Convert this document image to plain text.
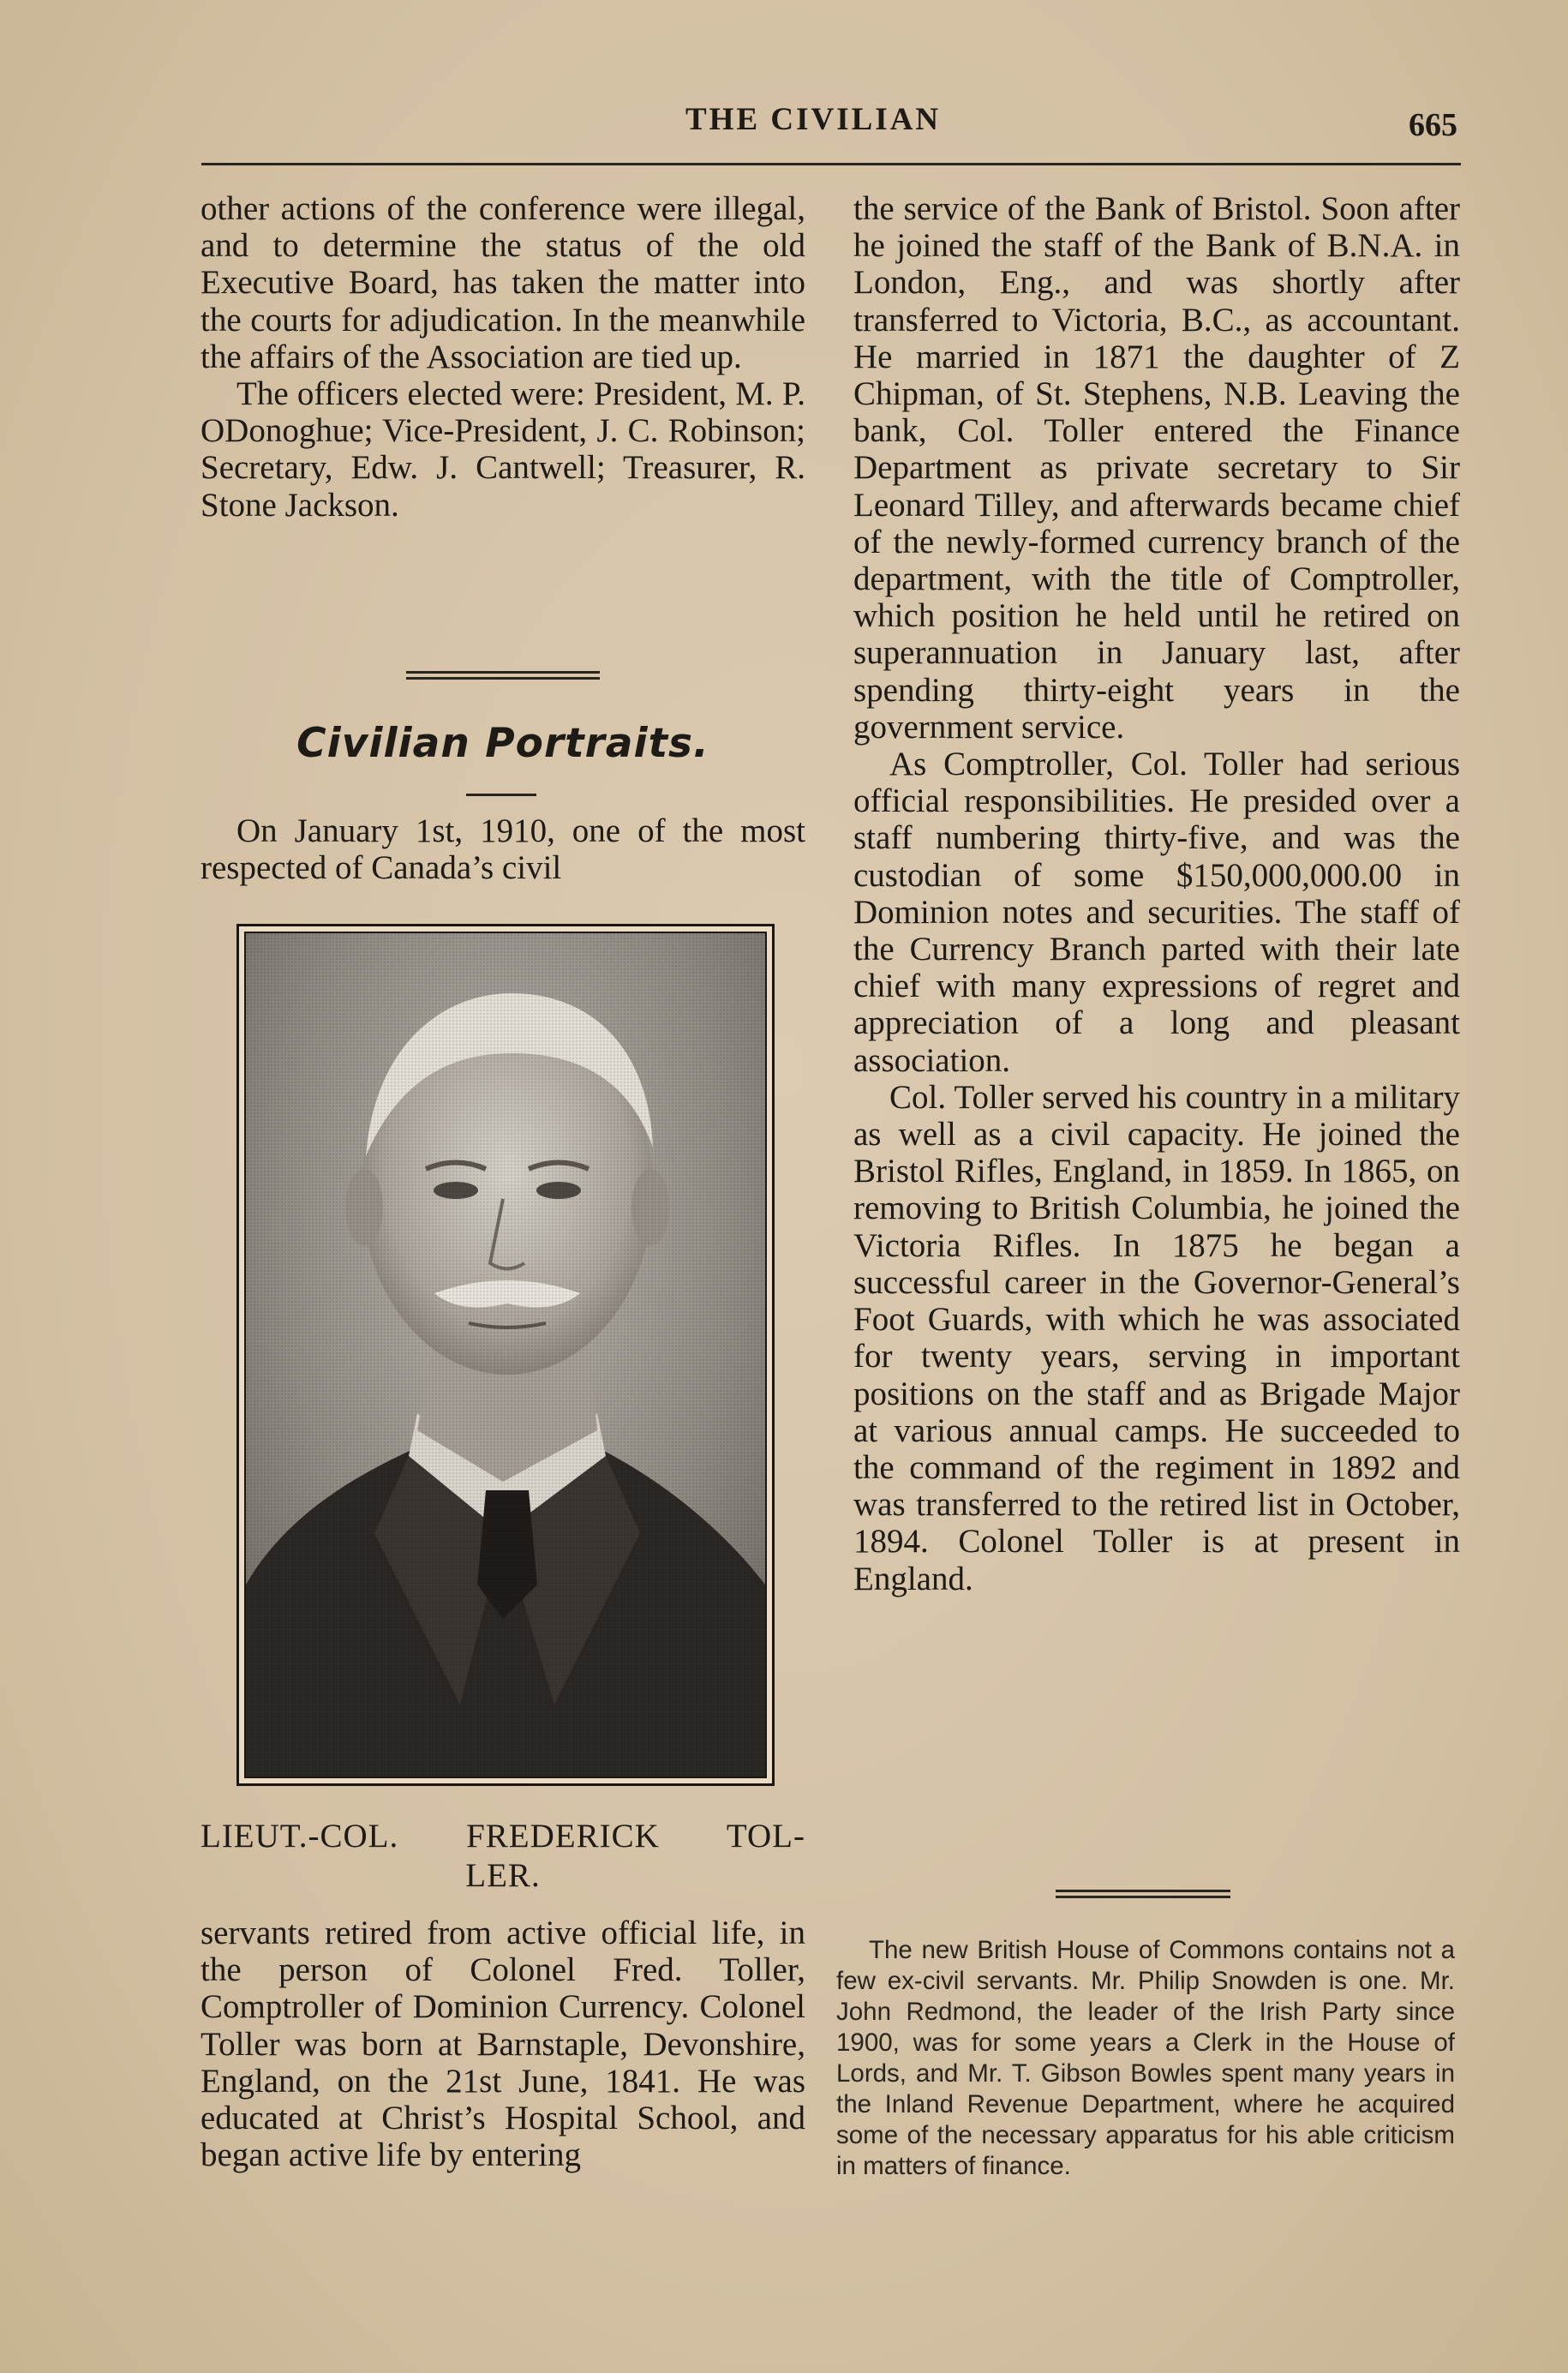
THE CIVILIAN	665

other actions of the conference were illegal, and to determine the status of the old Executive Board, has taken the matter into the courts for adjudication. In the meanwhile the affairs of the Association are tied up.

The officers elected were: President, M. P. ODonoghue; Vice-President, J. C. Robinson; Secretary, Edw. J. Cantwell; Treasurer, R. Stone Jackson.

Civilian Portraits.

On January 1st, 1910, one of the most respected of Canada’s civil

LIEUT.-COL. FREDERICK TOL-
LER.

servants retired from active official life, in the person of Colonel Fred. Toller, Comptroller of Dominion Currency. Colonel Toller was born at Barnstaple, Devonshire, England, on the 21st June, 1841. He was educated at Christ’s Hospital School, and began active life by entering

the service of the Bank of Bristol. Soon after he joined the staff of the Bank of B.N.A. in London, Eng., and was shortly after transferred to Victoria, B.C., as accountant. He married in 1871 the daughter of Z Chipman, of St. Stephens, N.B. Leaving the bank, Col. Toller entered the Finance Department as private secretary to Sir Leonard Tilley, and afterwards became chief of the newly-formed currency branch of the department, with the title of Comptroller, which position he held until he retired on superannuation in January last, after spending thirty-eight years in the government service.

As Comptroller, Col. Toller had serious official responsibilities. He presided over a staff numbering thirty-five, and was the custodian of some $150,000,000.00 in Dominion notes and securities. The staff of the Currency Branch parted with their late chief with many expressions of regret and appreciation of a long and pleasant association.

Col. Toller served his country in a military as well as a civil capacity. He joined the Bristol Rifles, England, in 1859. In 1865, on removing to British Columbia, he joined the Victoria Rifles. In 1875 he began a successful career in the Governor-General’s Foot Guards, with which he was associated for twenty years, serving in important positions on the staff and as Brigade Major at various annual camps. He succeeded to the command of the regiment in 1892 and was transferred to the retired list in October, 1894. Colonel Toller is at present in England.

The new British House of Commons contains not a few ex-civil servants. Mr. Philip Snowden is one. Mr. John Redmond, the leader of the Irish Party since 1900, was for some years a Clerk in the House of Lords, and Mr. T. Gibson Bowles spent many years in the Inland Revenue Department, where he acquired some of the necessary apparatus for his able criticism in matters of finance.
